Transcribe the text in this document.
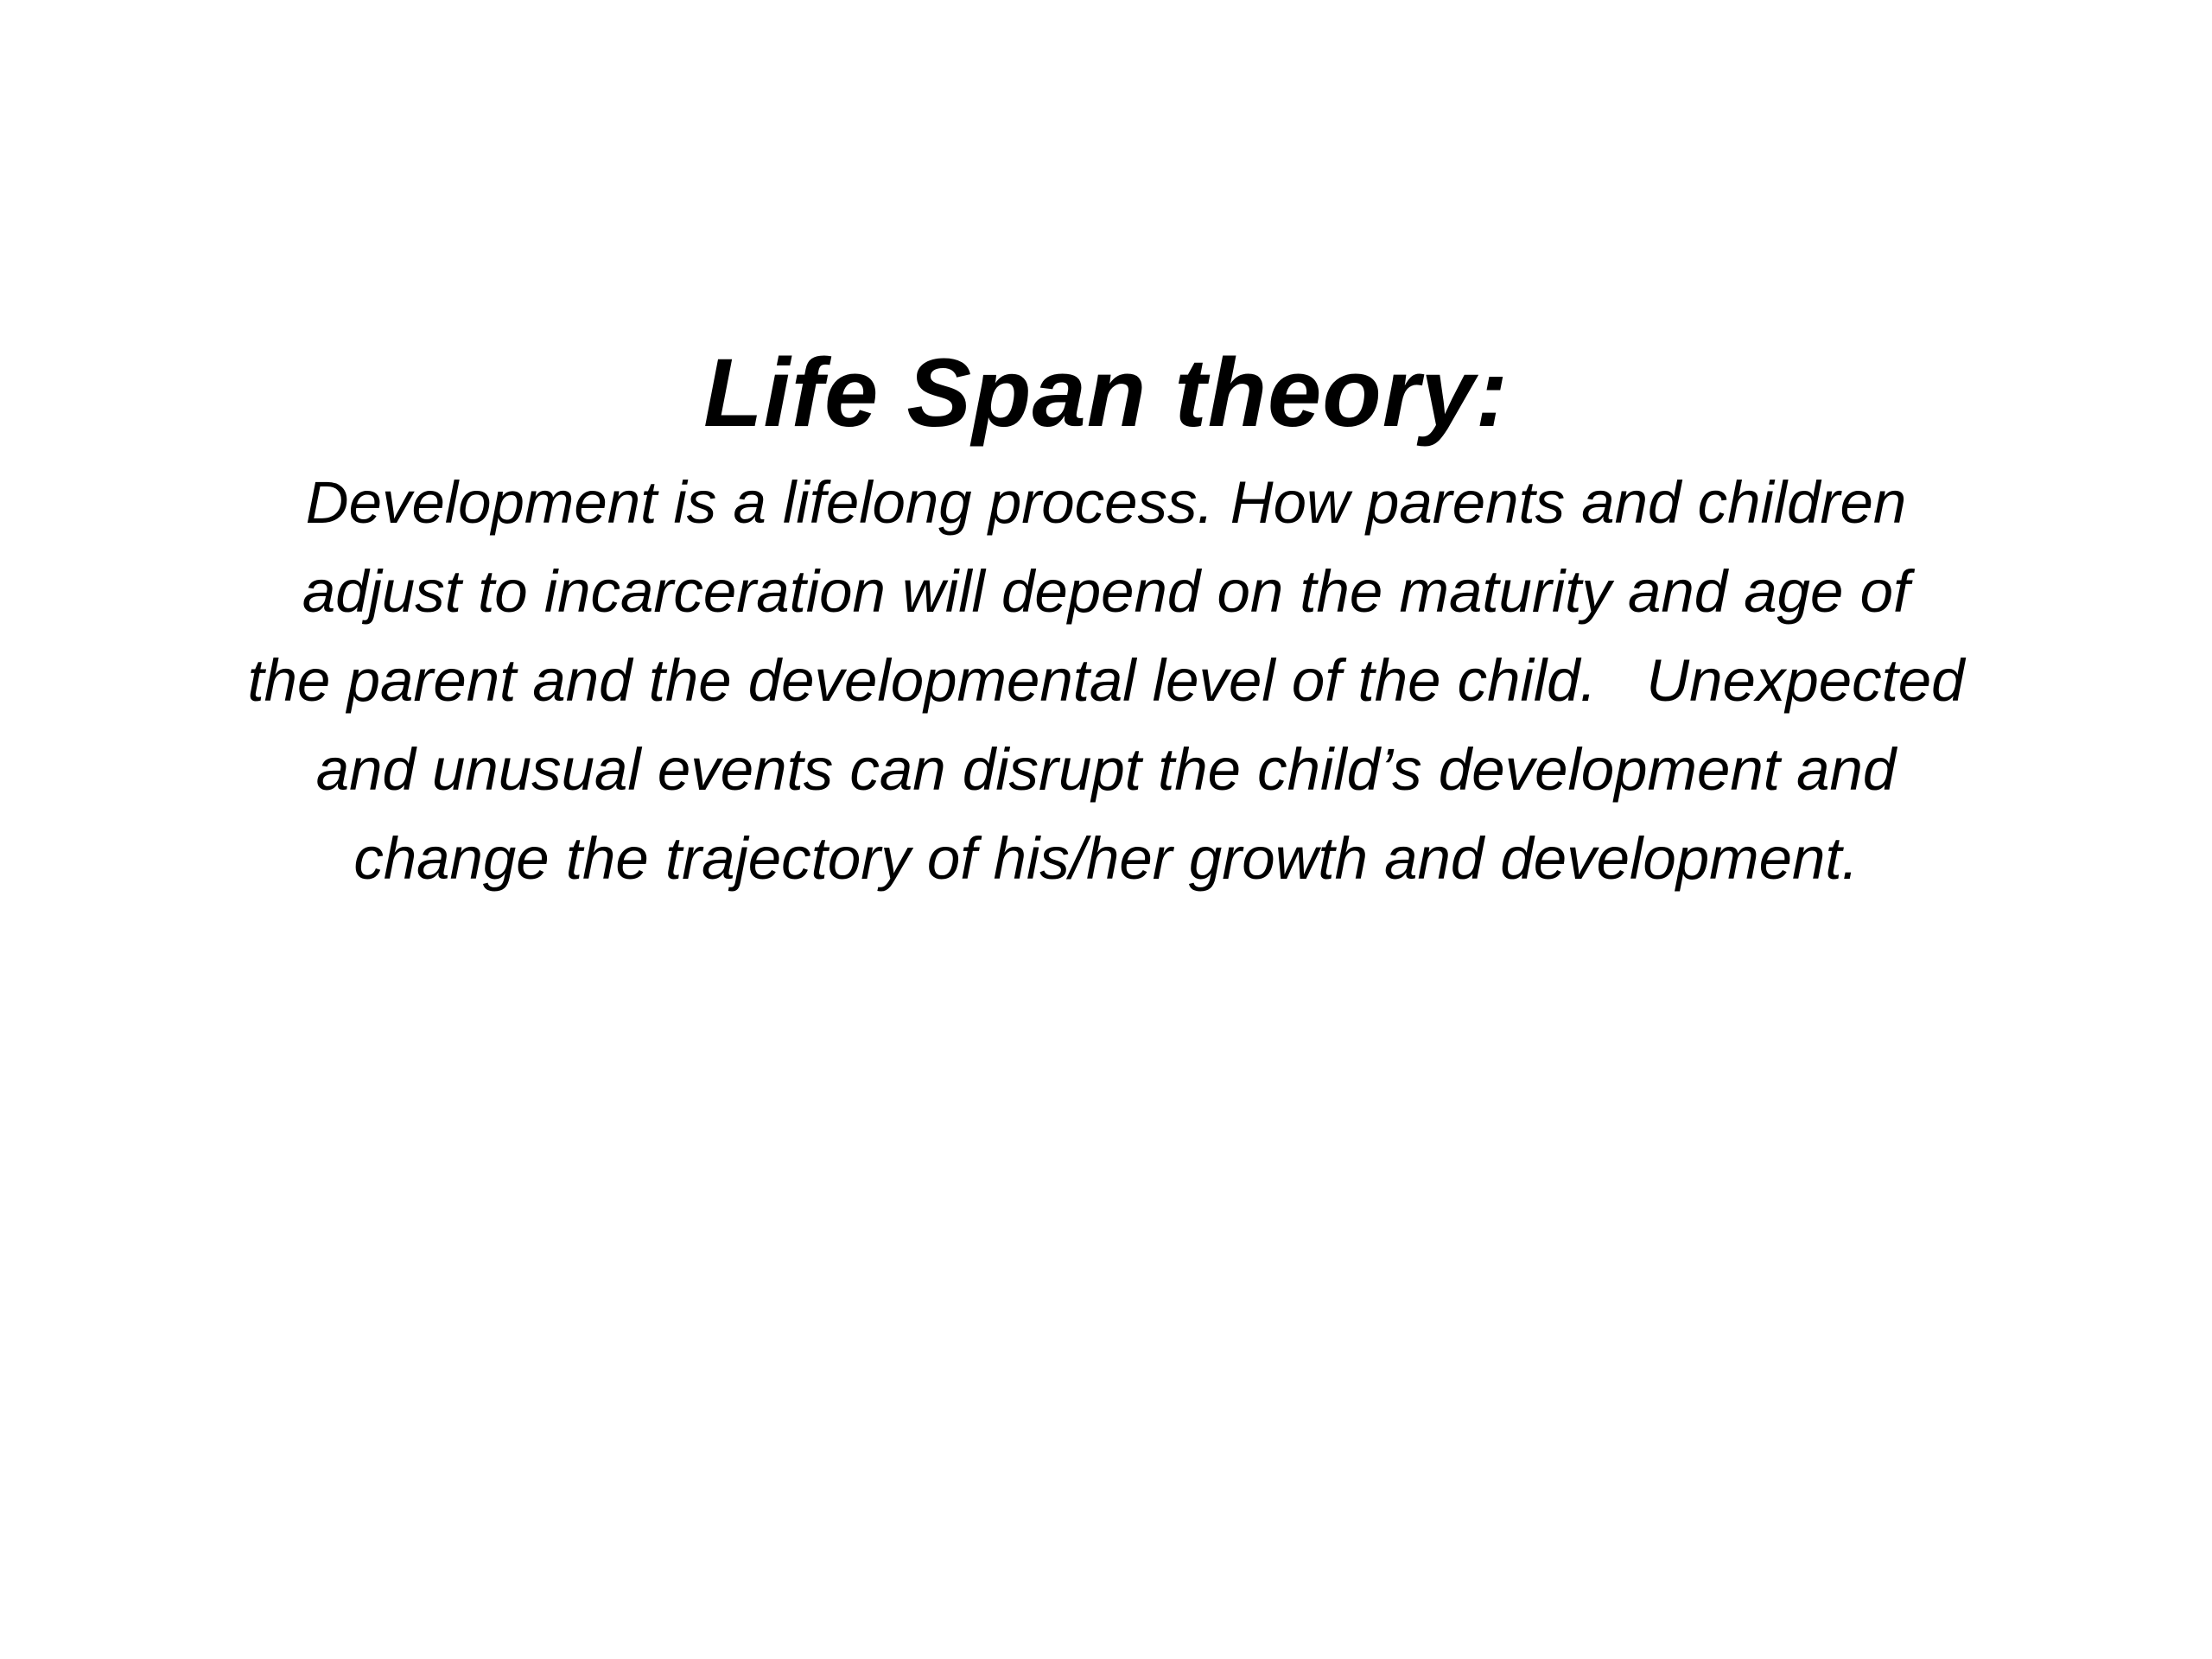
Life Span theory:

Development is a lifelong process. How parents and children
adjust to incarceration will depend on the maturity and age of
the parent and the developmental level of the child.   Unexpected
and unusual events can disrupt the child’s development and
change the trajectory of his/her growth and development.
